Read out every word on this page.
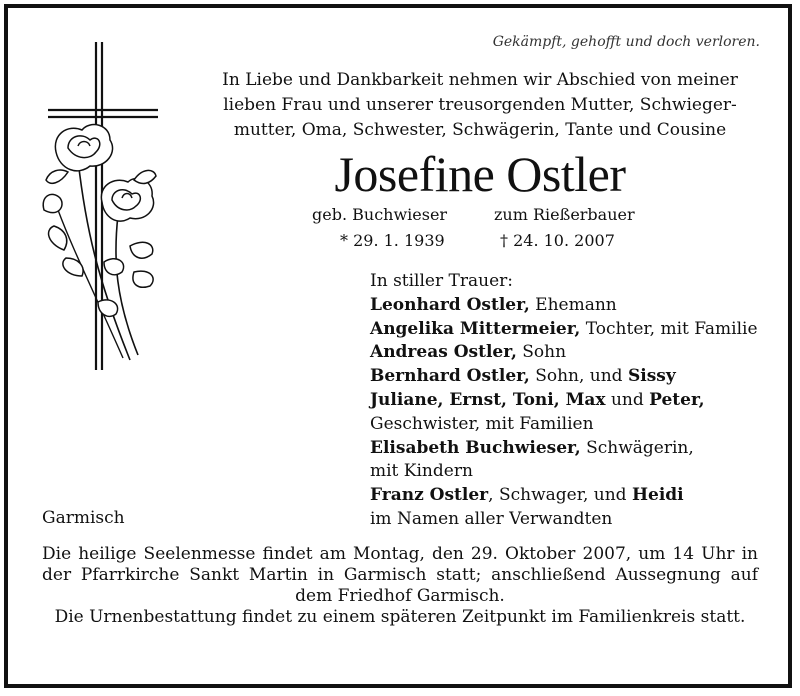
Gekämpft, gehofft und doch verloren.
In Liebe und Dankbarkeit nehmen wir Abschied von meiner
lieben Frau und unserer treusorgenden Mutter, Schwieger-
mutter, Oma, Schwester, Schwägerin, Tante und Cousine
Josefine Ostler
geb. Buchwieser	zum Rießerbauer
* 29. 1. 1939	† 24. 10. 2007
In stiller Trauer:
Leonhard Ostler, Ehemann
Angelika Mittermeier, Tochter, mit Familie
Andreas Ostler, Sohn
Bernhard Ostler, Sohn, und Sissy
Juliane, Ernst, Toni, Max und Peter,
Geschwister, mit Familien
Elisabeth Buchwieser, Schwägerin,
mit Kindern
Franz Ostler, Schwager, und Heidi
im Namen aller Verwandten
Garmisch

Die heilige Seelenmesse findet am Montag, den 29. Oktober 2007, um 14 Uhr in der Pfarrkirche Sankt Martin in Garmisch statt; anschließend Aussegnung auf dem Friedhof Garmisch.

Die Urnenbestattung findet zu einem späteren Zeitpunkt im Familienkreis statt.
